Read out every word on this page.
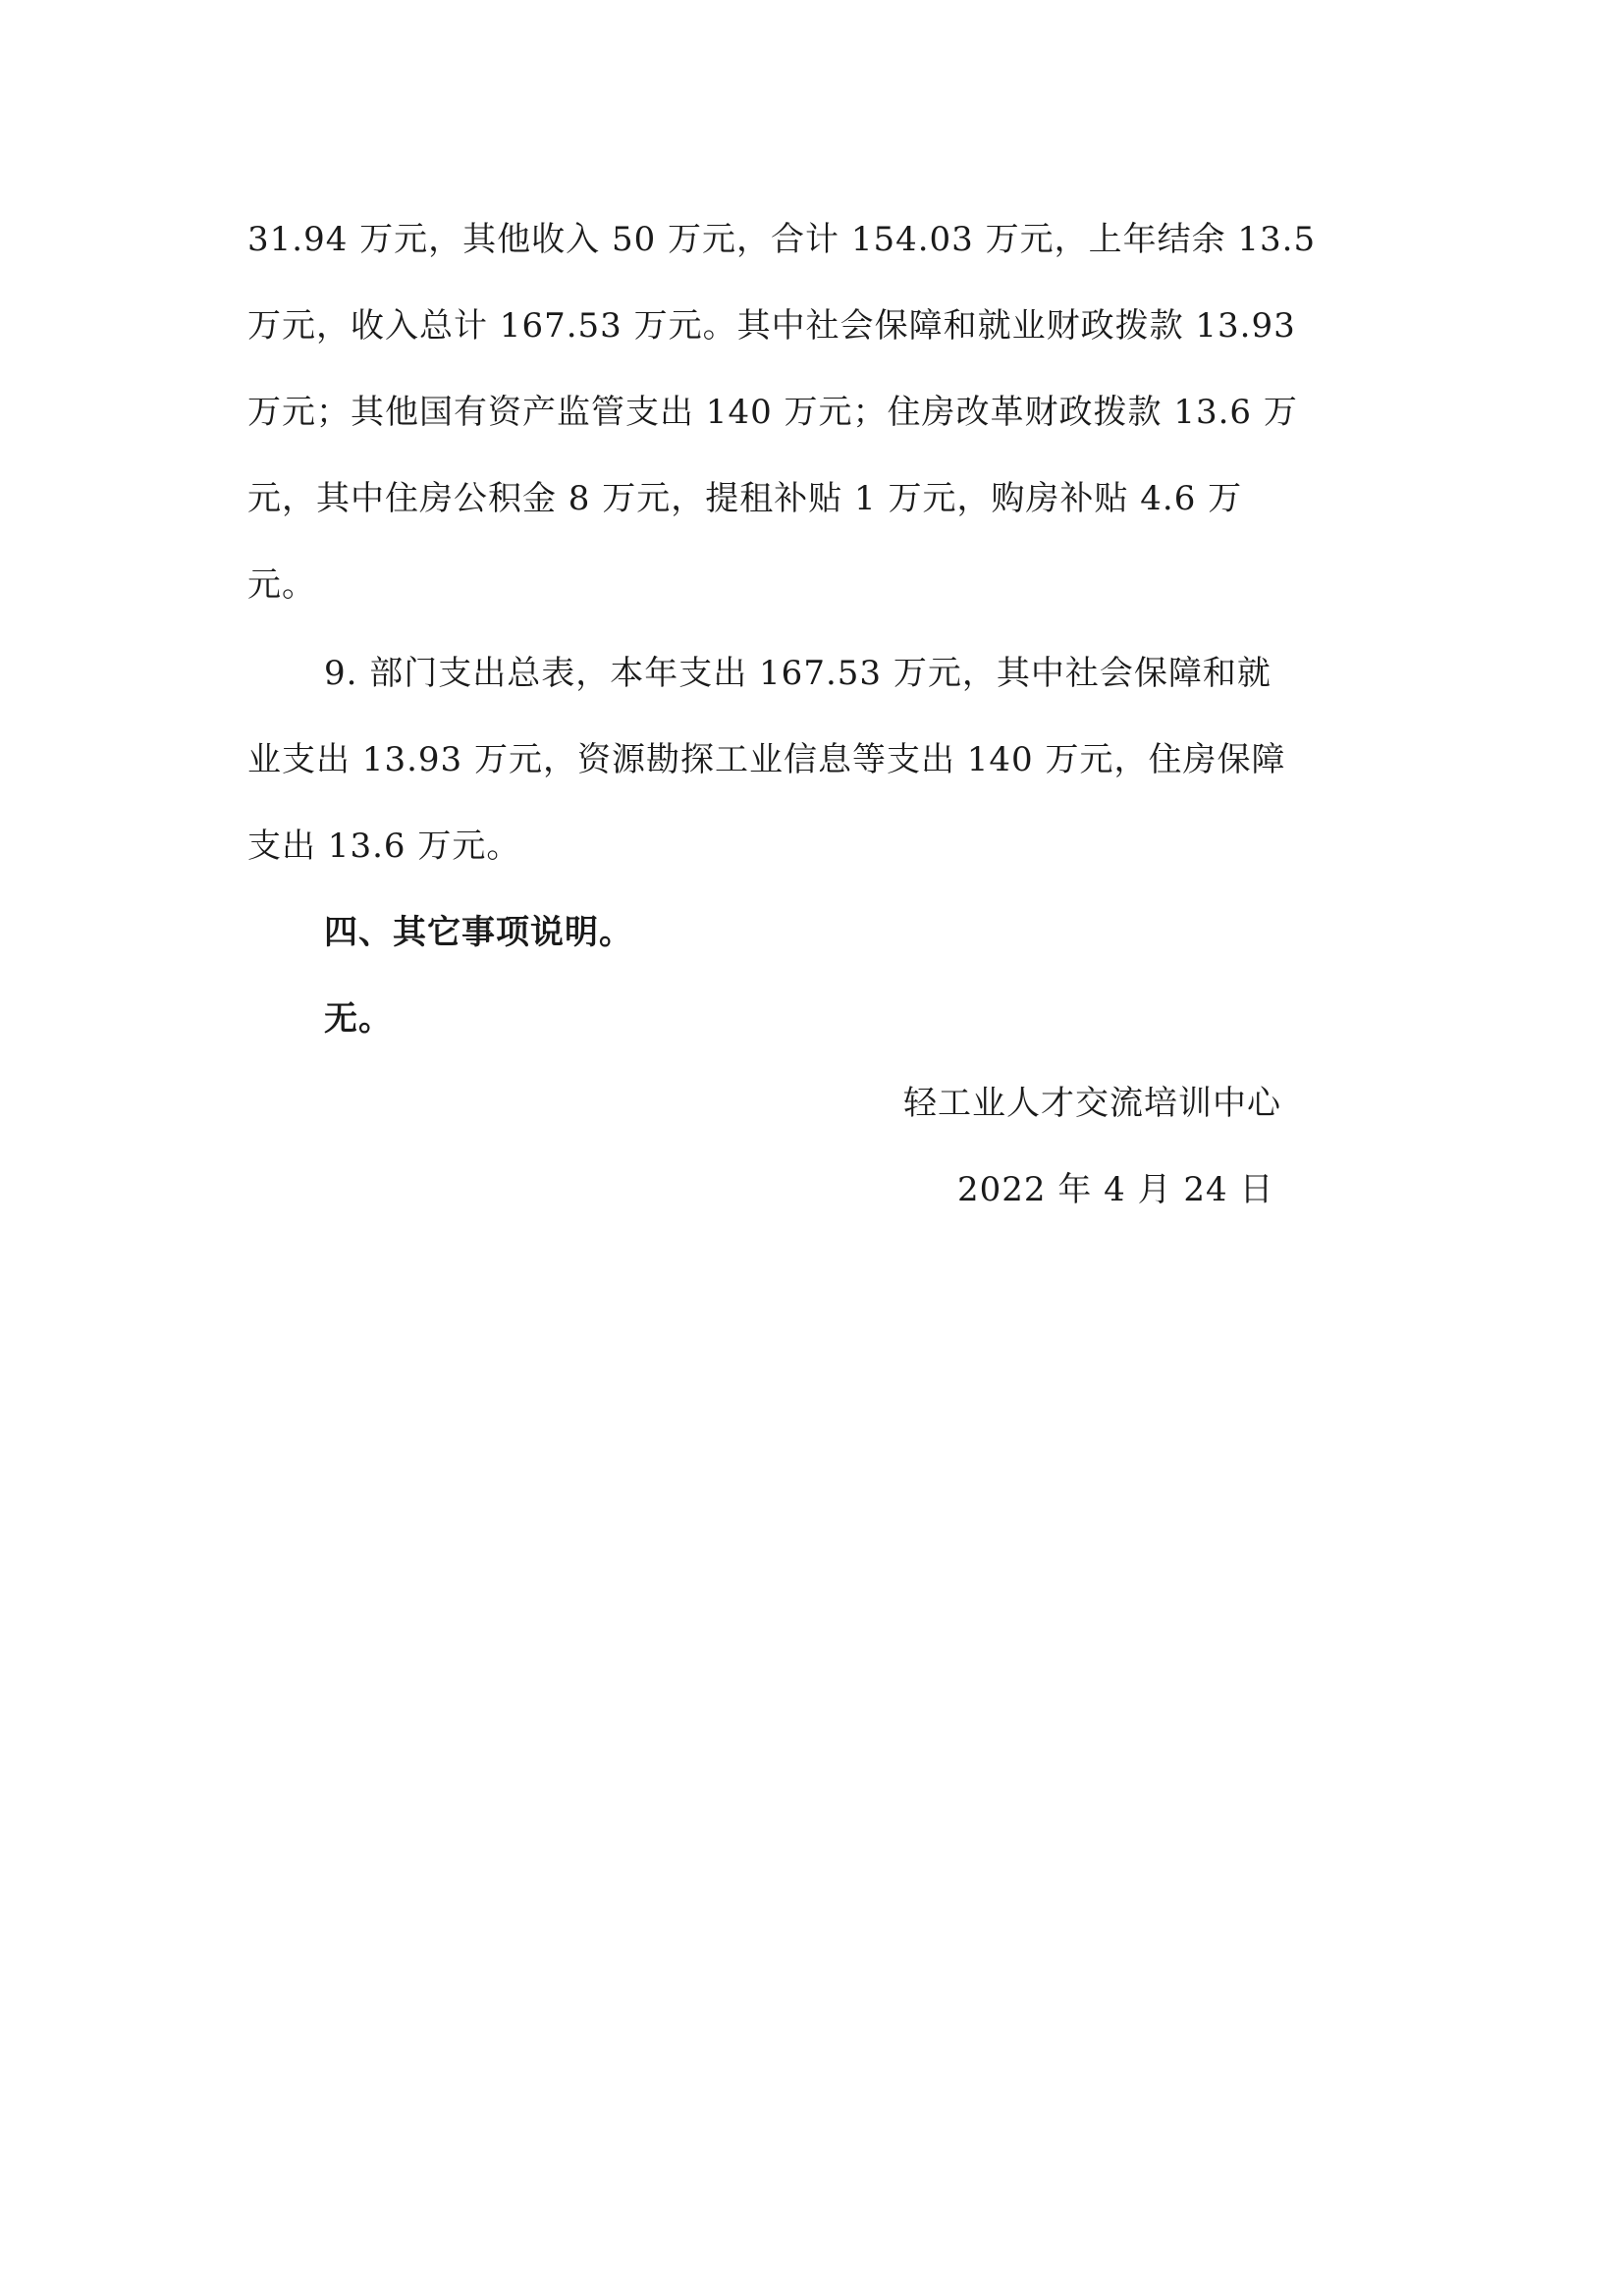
31.94 万元，其他收入 50 万元，合计 154.03 万元，上年结余 13.5
万元，收入总计 167.53 万元。其中社会保障和就业财政拨款 13.93
万元；其他国有资产监管支出 140 万元；住房改革财政拨款 13.6 万
元，其中住房公积金 8 万元，提租补贴 1 万元，购房补贴 4.6 万
元。
9. 部门支出总表，本年支出 167.53 万元，其中社会保障和就
业支出 13.93 万元，资源勘探工业信息等支出 140 万元，住房保障
支出 13.6 万元。
四、其它事项说明。
无。
轻工业人才交流培训中心
2022 年 4 月 24 日
